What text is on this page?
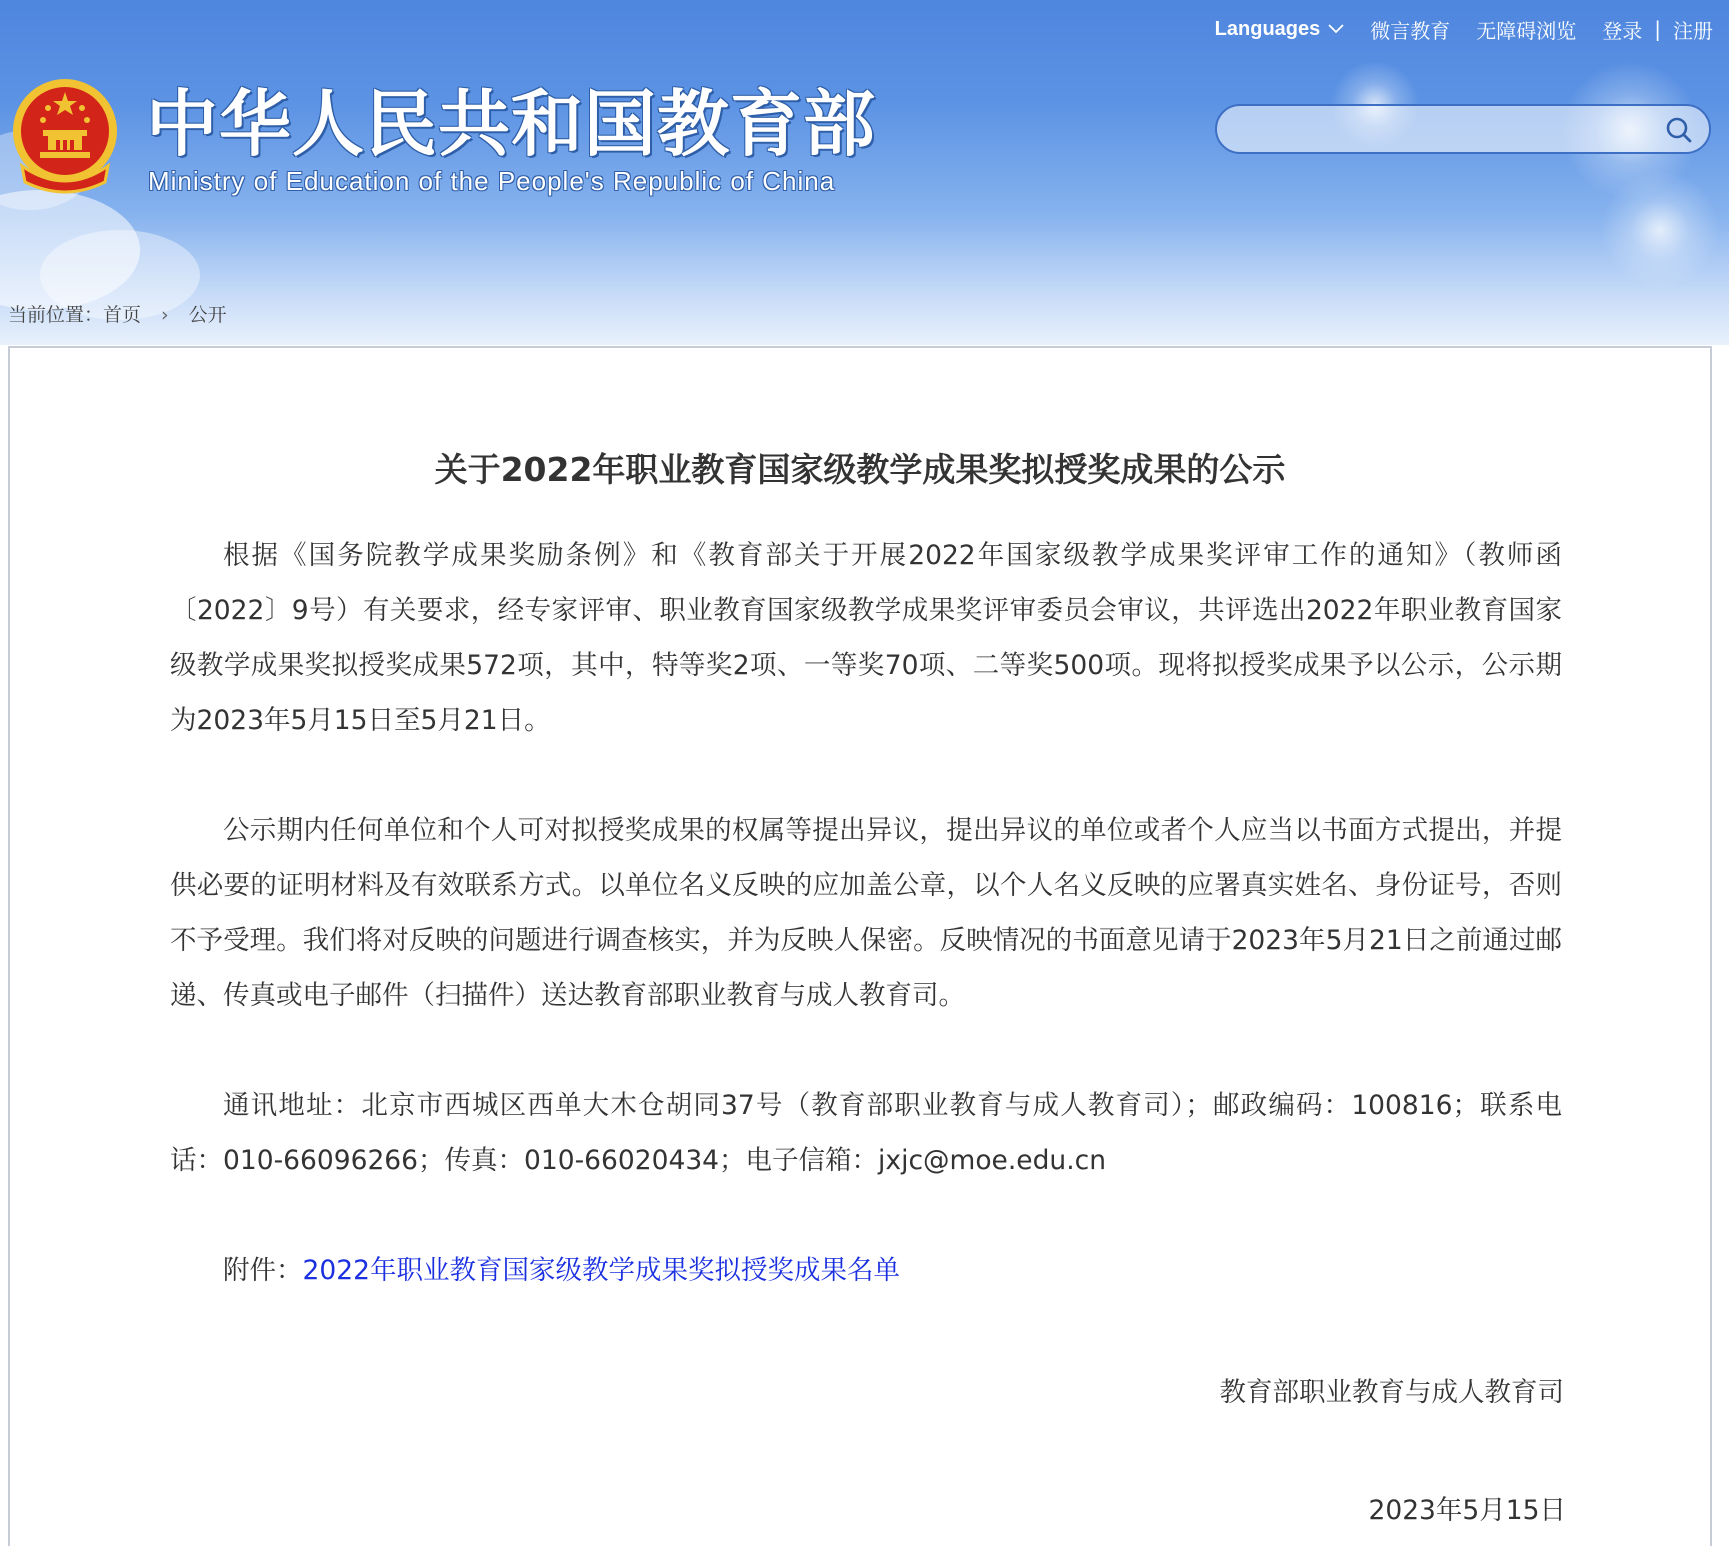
中华人民共和国教育部
Ministry of Education of the People's Republic of China
Languages	微言教育 无障碍浏览 登录 | 注册
当前位置：首页 › 公开
关于2022年职业教育国家级教学成果奖拟授奖成果的公示

根据《国务院教学成果奖励条例》和《教育部关于开展2022年国家级教学成果奖评审工作的通知》（教师函〔2022〕9号）有关要求，经专家评审、职业教育国家级教学成果奖评审委员会审议，共评选出2022年职业教育国家级教学成果奖拟授奖成果572项，其中，特等奖2项、一等奖70项、二等奖500项。现将拟授奖成果予以公示，公示期为2023年5月15日至5月21日。

公示期内任何单位和个人可对拟授奖成果的权属等提出异议，提出异议的单位或者个人应当以书面方式提出，并提供必要的证明材料及有效联系方式。以单位名义反映的应加盖公章，以个人名义反映的应署真实姓名、身份证号，否则不予受理。我们将对反映的问题进行调查核实，并为反映人保密。反映情况的书面意见请于2023年5月21日之前通过邮递、传真或电子邮件（扫描件）送达教育部职业教育与成人教育司。

通讯地址：北京市西城区西单大木仓胡同37号（教育部职业教育与成人教育司）；邮政编码：100816；联系电话：010-66096266；传真：010-66020434；电子信箱：jxjc@moe.edu.cn

附件：2022年职业教育国家级教学成果奖拟授奖成果名单

教育部职业教育与成人教育司
2023年5月15日
